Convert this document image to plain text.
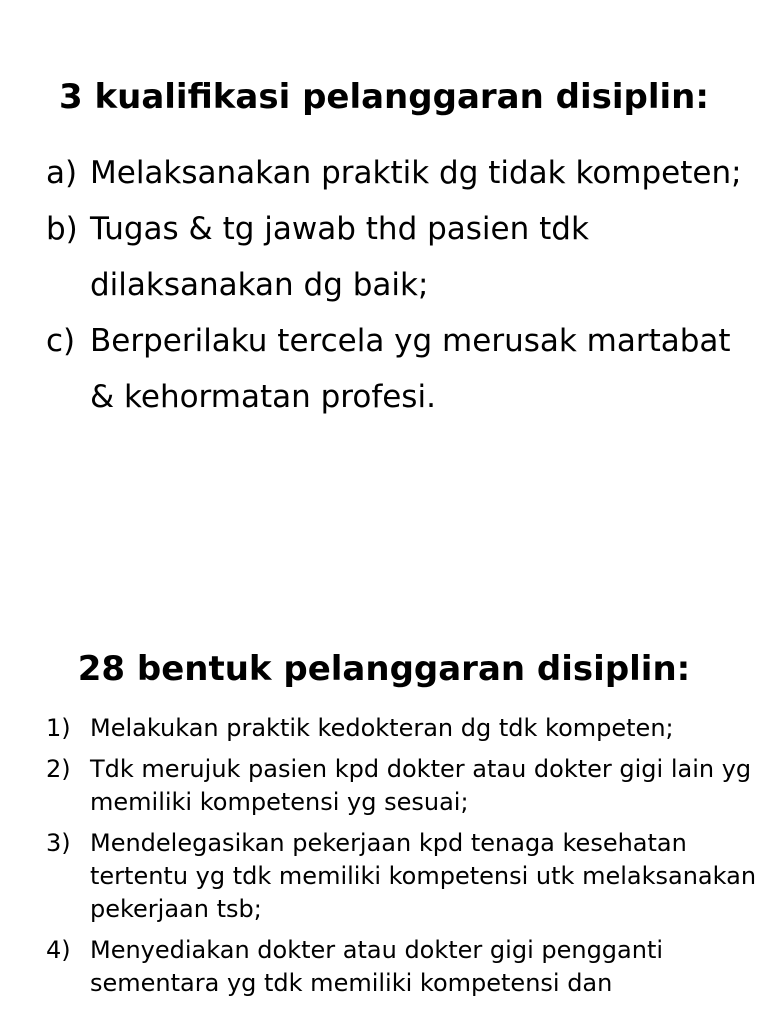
3 kualifikasi pelanggaran disiplin:
a) Melaksanakan praktik dg tidak kompeten;
b) Tugas & tg jawab thd pasien tdk dilaksanakan dg baik;
c) Berperilaku tercela yg merusak martabat & kehormatan profesi.
28 bentuk pelanggaran disiplin:
1) Melakukan praktik kedokteran dg tdk kompeten;
2) Tdk merujuk pasien kpd dokter atau dokter gigi lain yg memiliki kompetensi yg sesuai;
3) Mendelegasikan pekerjaan kpd tenaga kesehatan tertentu yg tdk memiliki kompetensi utk melaksanakan pekerjaan tsb;
4) Menyediakan dokter atau dokter gigi pengganti sementara yg tdk memiliki kompetensi dan
